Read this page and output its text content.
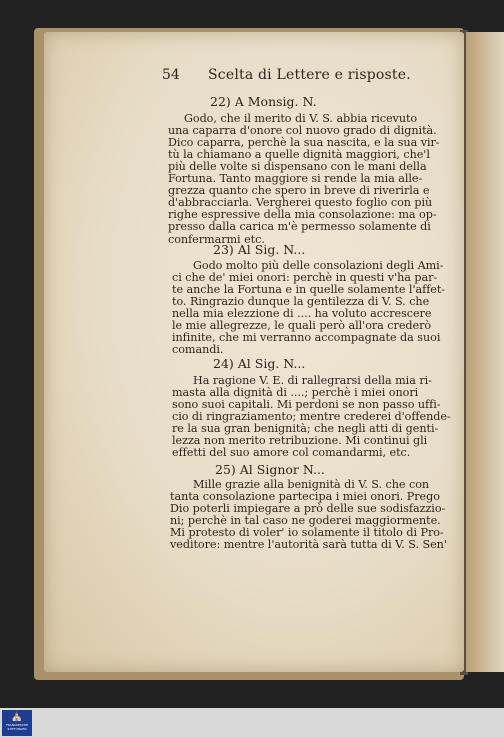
54 Scelta di Lettere e risposte.
22) A Monsig. N.
Godo, che il merito di V. S. abbia ricevuto
una caparra d'onore col nuovo grado di dignità.
Dico caparra, perchè la sua nascita, e la sua vir-
tù la chiamano a quelle dignità maggiori, che'l
più delle volte si dispensano con le mani della
Fortuna. Tanto maggiore si rende la mia alle-
grezza quanto che spero in breve di riverirla e
d'abbracciarla. Vergherei questo foglio con più
righe espressive della mia consolazione: ma op-
presso dalla carica m'è permesso solamente di
confermarmi etc.
23) Al Sig. N...
Godo molto più delle consolazioni degli Ami-
ci che de' miei onori: perchè in questi v'ha par-
te anche la Fortuna e in quelle solamente l'affet-
to. Ringrazio dunque la gentilezza di V. S. che
nella mia elezzione di .... ha voluto accrescere
le mie allegrezze, le quali però all'ora crederò
infinite, che mi verranno accompagnate da suoi
comandi.
24) Al Sig. N...
Ha ragione V. E. di rallegrarsi della mia ri-
masta alla dignità di ....; perchè i miei onori
sono suoi capitali. Mi perdoni se non passo uffi-
cio di ringraziamento; mentre crederei d'offende-
re la sua gran benignità; che negli atti di genti-
lezza non merito retribuzione. Mi continui gli
effetti del suo amore col comandarmi, etc.
25) Al Signor N...
Mille grazie alla benignità di V. S. che con
tanta consolazione partecipa i miei onori. Prego
Dio poterli impiegare a prò delle sue sodisfazzio-
ni; perchè in tal caso ne goderei maggiormente.
Mi protesto di voler' io solamente il titolo di Pro-
veditore: mentre l'autorità sarà tutta di V. S. Sen'
⛪
FRANCKESCHE STIFTUNGEN
